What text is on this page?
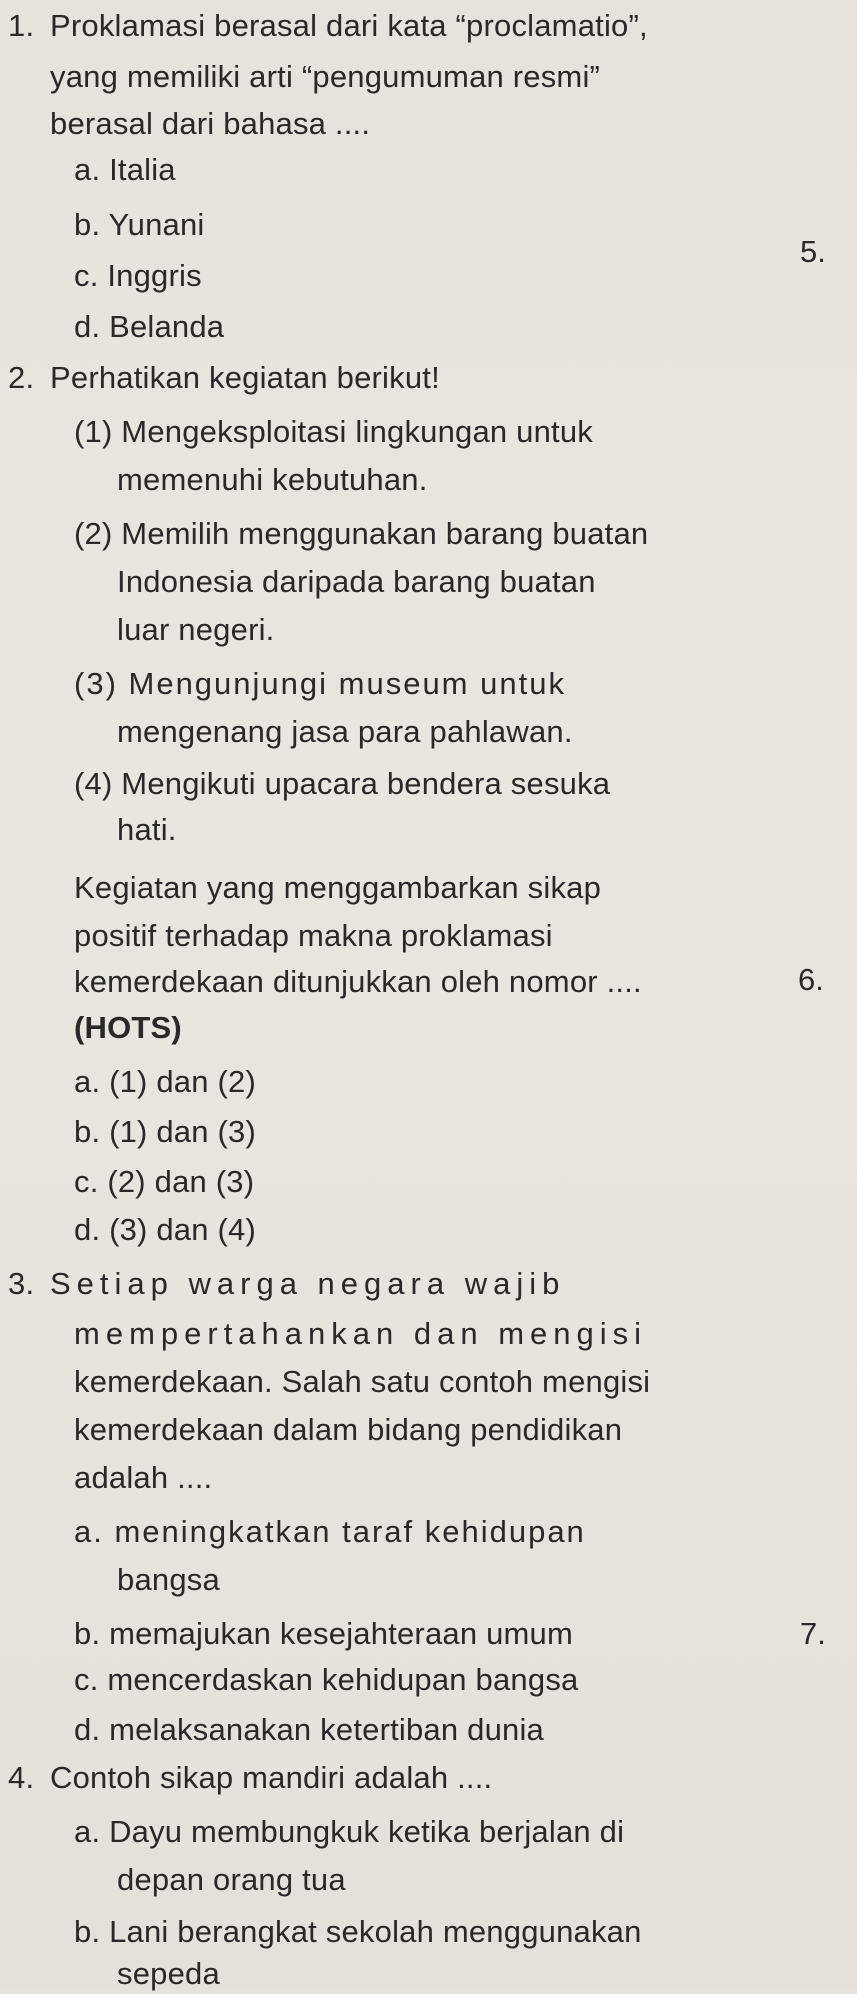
1. Proklamasi berasal dari kata “proclamatio”,
yang memiliki arti “pengumuman resmi”
berasal dari bahasa ....
a. Italia
b. Yunani
c. Inggris
d. Belanda
2. Perhatikan kegiatan berikut!
(1) Mengeksploitasi lingkungan untuk
memenuhi kebutuhan.
(2) Memilih menggunakan barang buatan
Indonesia daripada barang buatan
luar negeri.
(3) Mengunjungi museum untuk
mengenang jasa para pahlawan.
(4) Mengikuti upacara bendera sesuka
hati.
Kegiatan yang menggambarkan sikap
positif terhadap makna proklamasi
kemerdekaan ditunjukkan oleh nomor ....
(HOTS)
a. (1) dan (2)
b. (1) dan (3)
c. (2) dan (3)
d. (3) dan (4)
3. Setiap warga negara wajib
mempertahankan dan mengisi
kemerdekaan. Salah satu contoh mengisi
kemerdekaan dalam bidang pendidikan
adalah ....
a. meningkatkan taraf kehidupan
bangsa
b. memajukan kesejahteraan umum
c. mencerdaskan kehidupan bangsa
d. melaksanakan ketertiban dunia
4. Contoh sikap mandiri adalah ....
a. Dayu membungkuk ketika berjalan di
depan orang tua
b. Lani berangkat sekolah menggunakan
sepeda
5.
6.
7.
